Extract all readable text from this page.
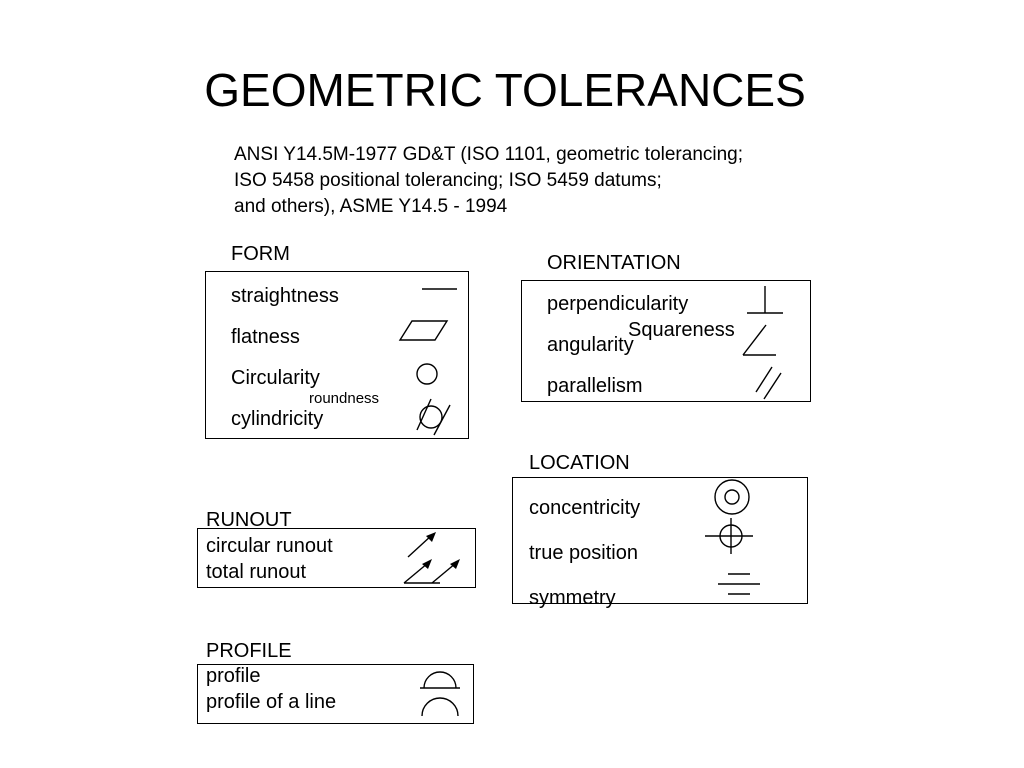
GEOMETRIC TOLERANCES
ANSI Y14.5M-1977 GD&T (ISO 1101, geometric tolerancing;
ISO 5458 positional tolerancing; ISO 5459 datums;
and others), ASME Y14.5 - 1994
FORM
straightness
flatness
Circularity
roundness
cylindricity
ORIENTATION
perpendicularity
Squareness
angularity
parallelism
LOCATION
concentricity
true position
symmetry
RUNOUT
circular runout
total runout
PROFILE
profile
profile of a line
